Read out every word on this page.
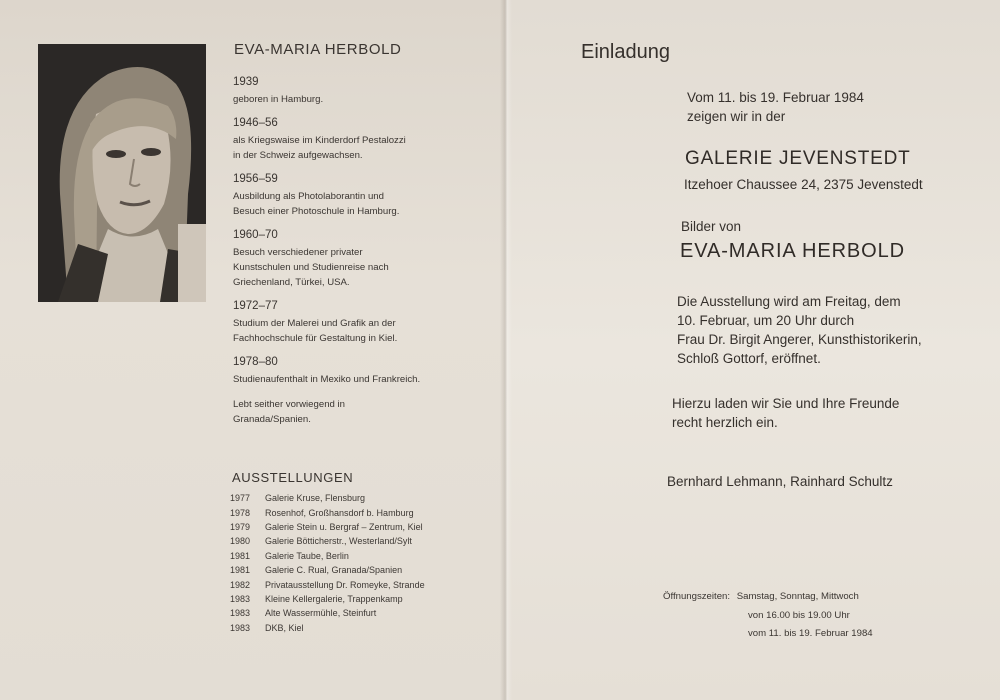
EVA-MARIA HERBOLD
1939
geboren in Hamburg.
1946–56
als Kriegswaise im Kinderdorf Pestalozzi
in der Schweiz aufgewachsen.
1956–59
Ausbildung als Photolaborantin und
Besuch einer Photoschule in Hamburg.
1960–70
Besuch verschiedener privater
Kunstschulen und Studienreise nach
Griechenland, Türkei, USA.
1972–77
Studium der Malerei und Grafik an der
Fachhochschule für Gestaltung in Kiel.
1978–80
Studienaufenthalt in Mexiko und Frankreich.
Lebt seither vorwiegend in
Granada/Spanien.
AUSSTELLUNGEN
1977	Galerie Kruse, Flensburg
1978	Rosenhof, Großhansdorf b. Hamburg
1979	Galerie Stein u. Bergraf – Zentrum, Kiel
1980	Galerie Bötticherstr., Westerland/Sylt
1981	Galerie Taube, Berlin
1981	Galerie C. Rual, Granada/Spanien
1982	Privatausstellung Dr. Romeyke, Strande
1983	Kleine Kellergalerie, Trappenkamp
1983	Alte Wassermühle, Steinfurt
1983	DKB, Kiel
Einladung
Vom 11. bis 19. Februar 1984
zeigen wir in der
GALERIE JEVENSTEDT
Itzehoer Chaussee 24, 2375 Jevenstedt
Bilder von
EVA-MARIA HERBOLD
Die Ausstellung wird am Freitag, dem
10. Februar, um 20 Uhr durch
Frau Dr. Birgit Angerer, Kunsthistorikerin,
Schloß Gottorf, eröffnet.
Hierzu laden wir Sie und Ihre Freunde
recht herzlich ein.
Bernhard Lehmann, Rainhard Schultz
Öffnungszeiten: Samstag, Sonntag, Mittwoch
von 16.00 bis 19.00 Uhr
vom 11. bis 19. Februar 1984
